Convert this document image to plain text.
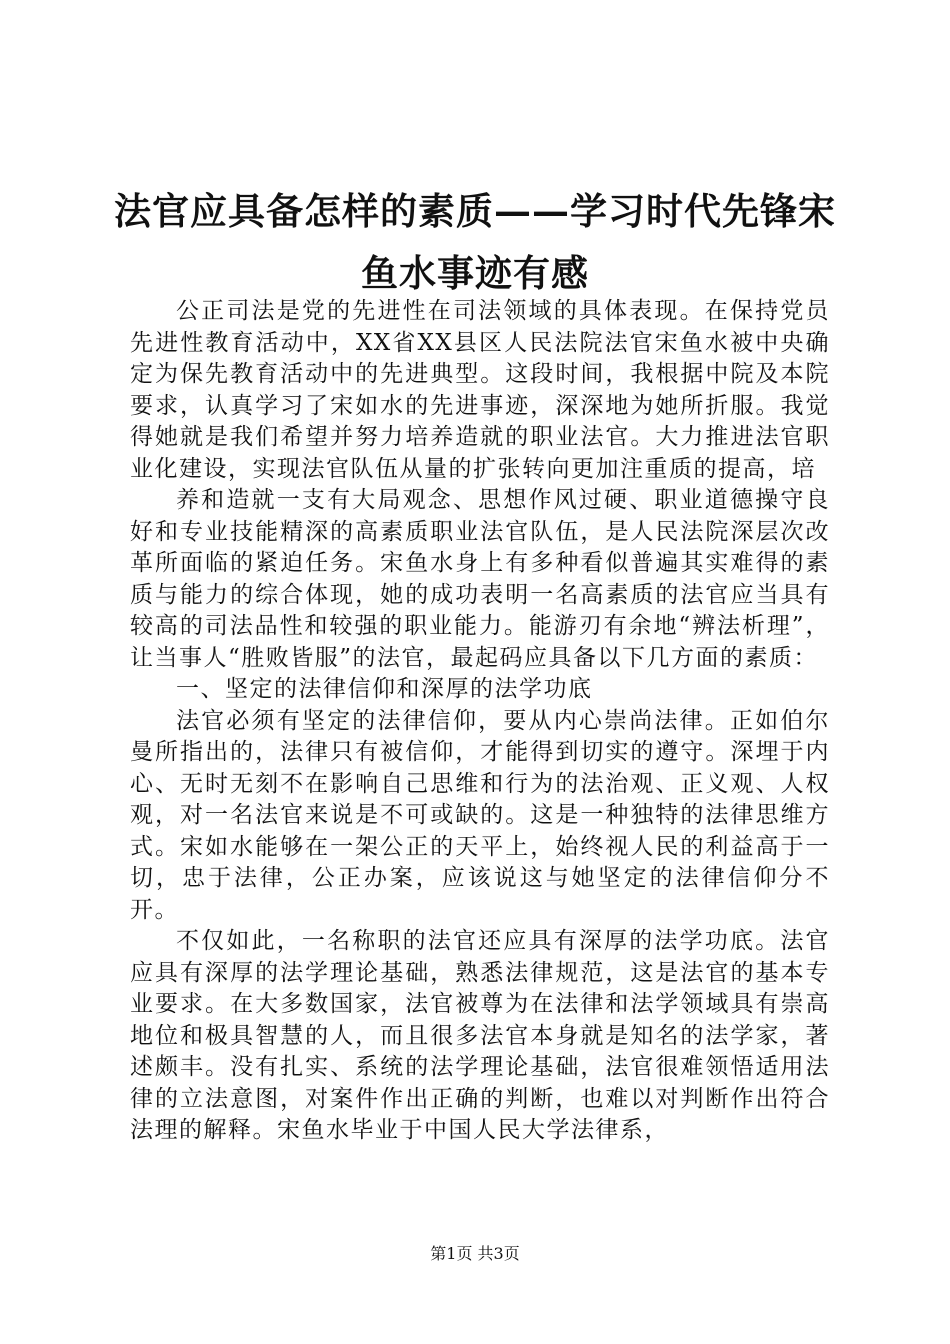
法官应具备怎样的素质——学习时代先锋宋鱼水事迹有感

公正司法是党的先进性在司法领域的具体表现。在保持党员先进性教育活动中，XX省XX县区人民法院法官宋鱼水被中央确定为保先教育活动中的先进典型。这段时间，我根据中院及本院要求，认真学习了宋如水的先进事迹，深深地为她所折服。我觉得她就是我们希望并努力培养造就的职业法官。大力推进法官职业化建设，实现法官队伍从量的扩张转向更加注重质的提高，培

养和造就一支有大局观念、思想作风过硬、职业道德操守良好和专业技能精深的高素质职业法官队伍，是人民法院深层次改革所面临的紧迫任务。宋鱼水身上有多种看似普遍其实难得的素质与能力的综合体现，她的成功表明一名高素质的法官应当具有较高的司法品性和较强的职业能力。能游刃有余地“辨法析理”，让当事人“胜败皆服”的法官，最起码应具备以下几方面的素质：

一、坚定的法律信仰和深厚的法学功底

法官必须有坚定的法律信仰，要从内心崇尚法律。正如伯尔曼所指出的，法律只有被信仰，才能得到切实的遵守。深埋于内心、无时无刻不在影响自己思维和行为的法治观、正义观、人权观，对一名法官来说是不可或缺的。这是一种独特的法律思维方式。宋如水能够在一架公正的天平上，始终视人民的利益高于一切，忠于法律，公正办案，应该说这与她坚定的法律信仰分不开。

不仅如此，一名称职的法官还应具有深厚的法学功底。法官应具有深厚的法学理论基础，熟悉法律规范，这是法官的基本专业要求。在大多数国家，法官被尊为在法律和法学领域具有崇高地位和极具智慧的人，而且很多法官本身就是知名的法学家，著述颇丰。没有扎实、系统的法学理论基础，法官很难领悟适用法律的立法意图，对案件作出正确的判断，也难以对判断作出符合法理的解释。宋鱼水毕业于中国人民大学法律系，

第1页 共3页
